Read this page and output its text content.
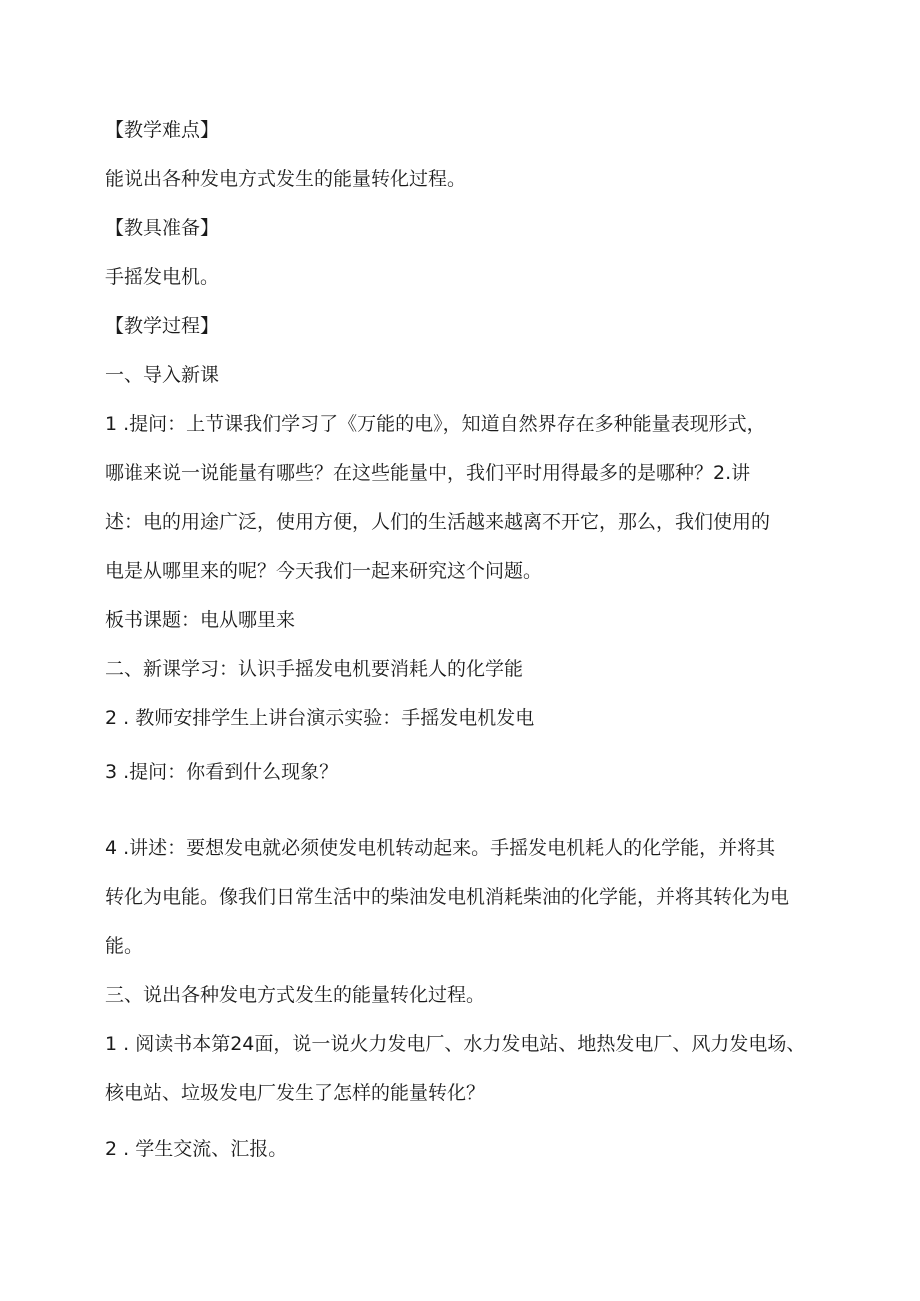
【教学难点】
能说出各种发电方式发生的能量转化过程。
【教具准备】
手摇发电机。
【教学过程】
一、导入新课
1 .提问：上节课我们学习了《万能的电》，知道自然界存在多种能量表现形式，
哪谁来说一说能量有哪些？在这些能量中，我们平时用得最多的是哪种？2.讲
述：电的用途广泛，使用方便，人们的生活越来越离不开它，那么，我们使用的
电是从哪里来的呢？今天我们一起来研究这个问题。
板书课题：电从哪里来
二、新课学习：认识手摇发电机要消耗人的化学能
2 . 教师安排学生上讲台演示实验：手摇发电机发电
3 .提问：你看到什么现象？
4 .讲述：要想发电就必须使发电机转动起来。手摇发电机耗人的化学能，并将其
转化为电能。像我们日常生活中的柴油发电机消耗柴油的化学能，并将其转化为电
能。
三、说出各种发电方式发生的能量转化过程。
1 . 阅读书本第24面，说一说火力发电厂、水力发电站、地热发电厂、风力发电场、
核电站、垃圾发电厂发生了怎样的能量转化？
2 . 学生交流、汇报。
